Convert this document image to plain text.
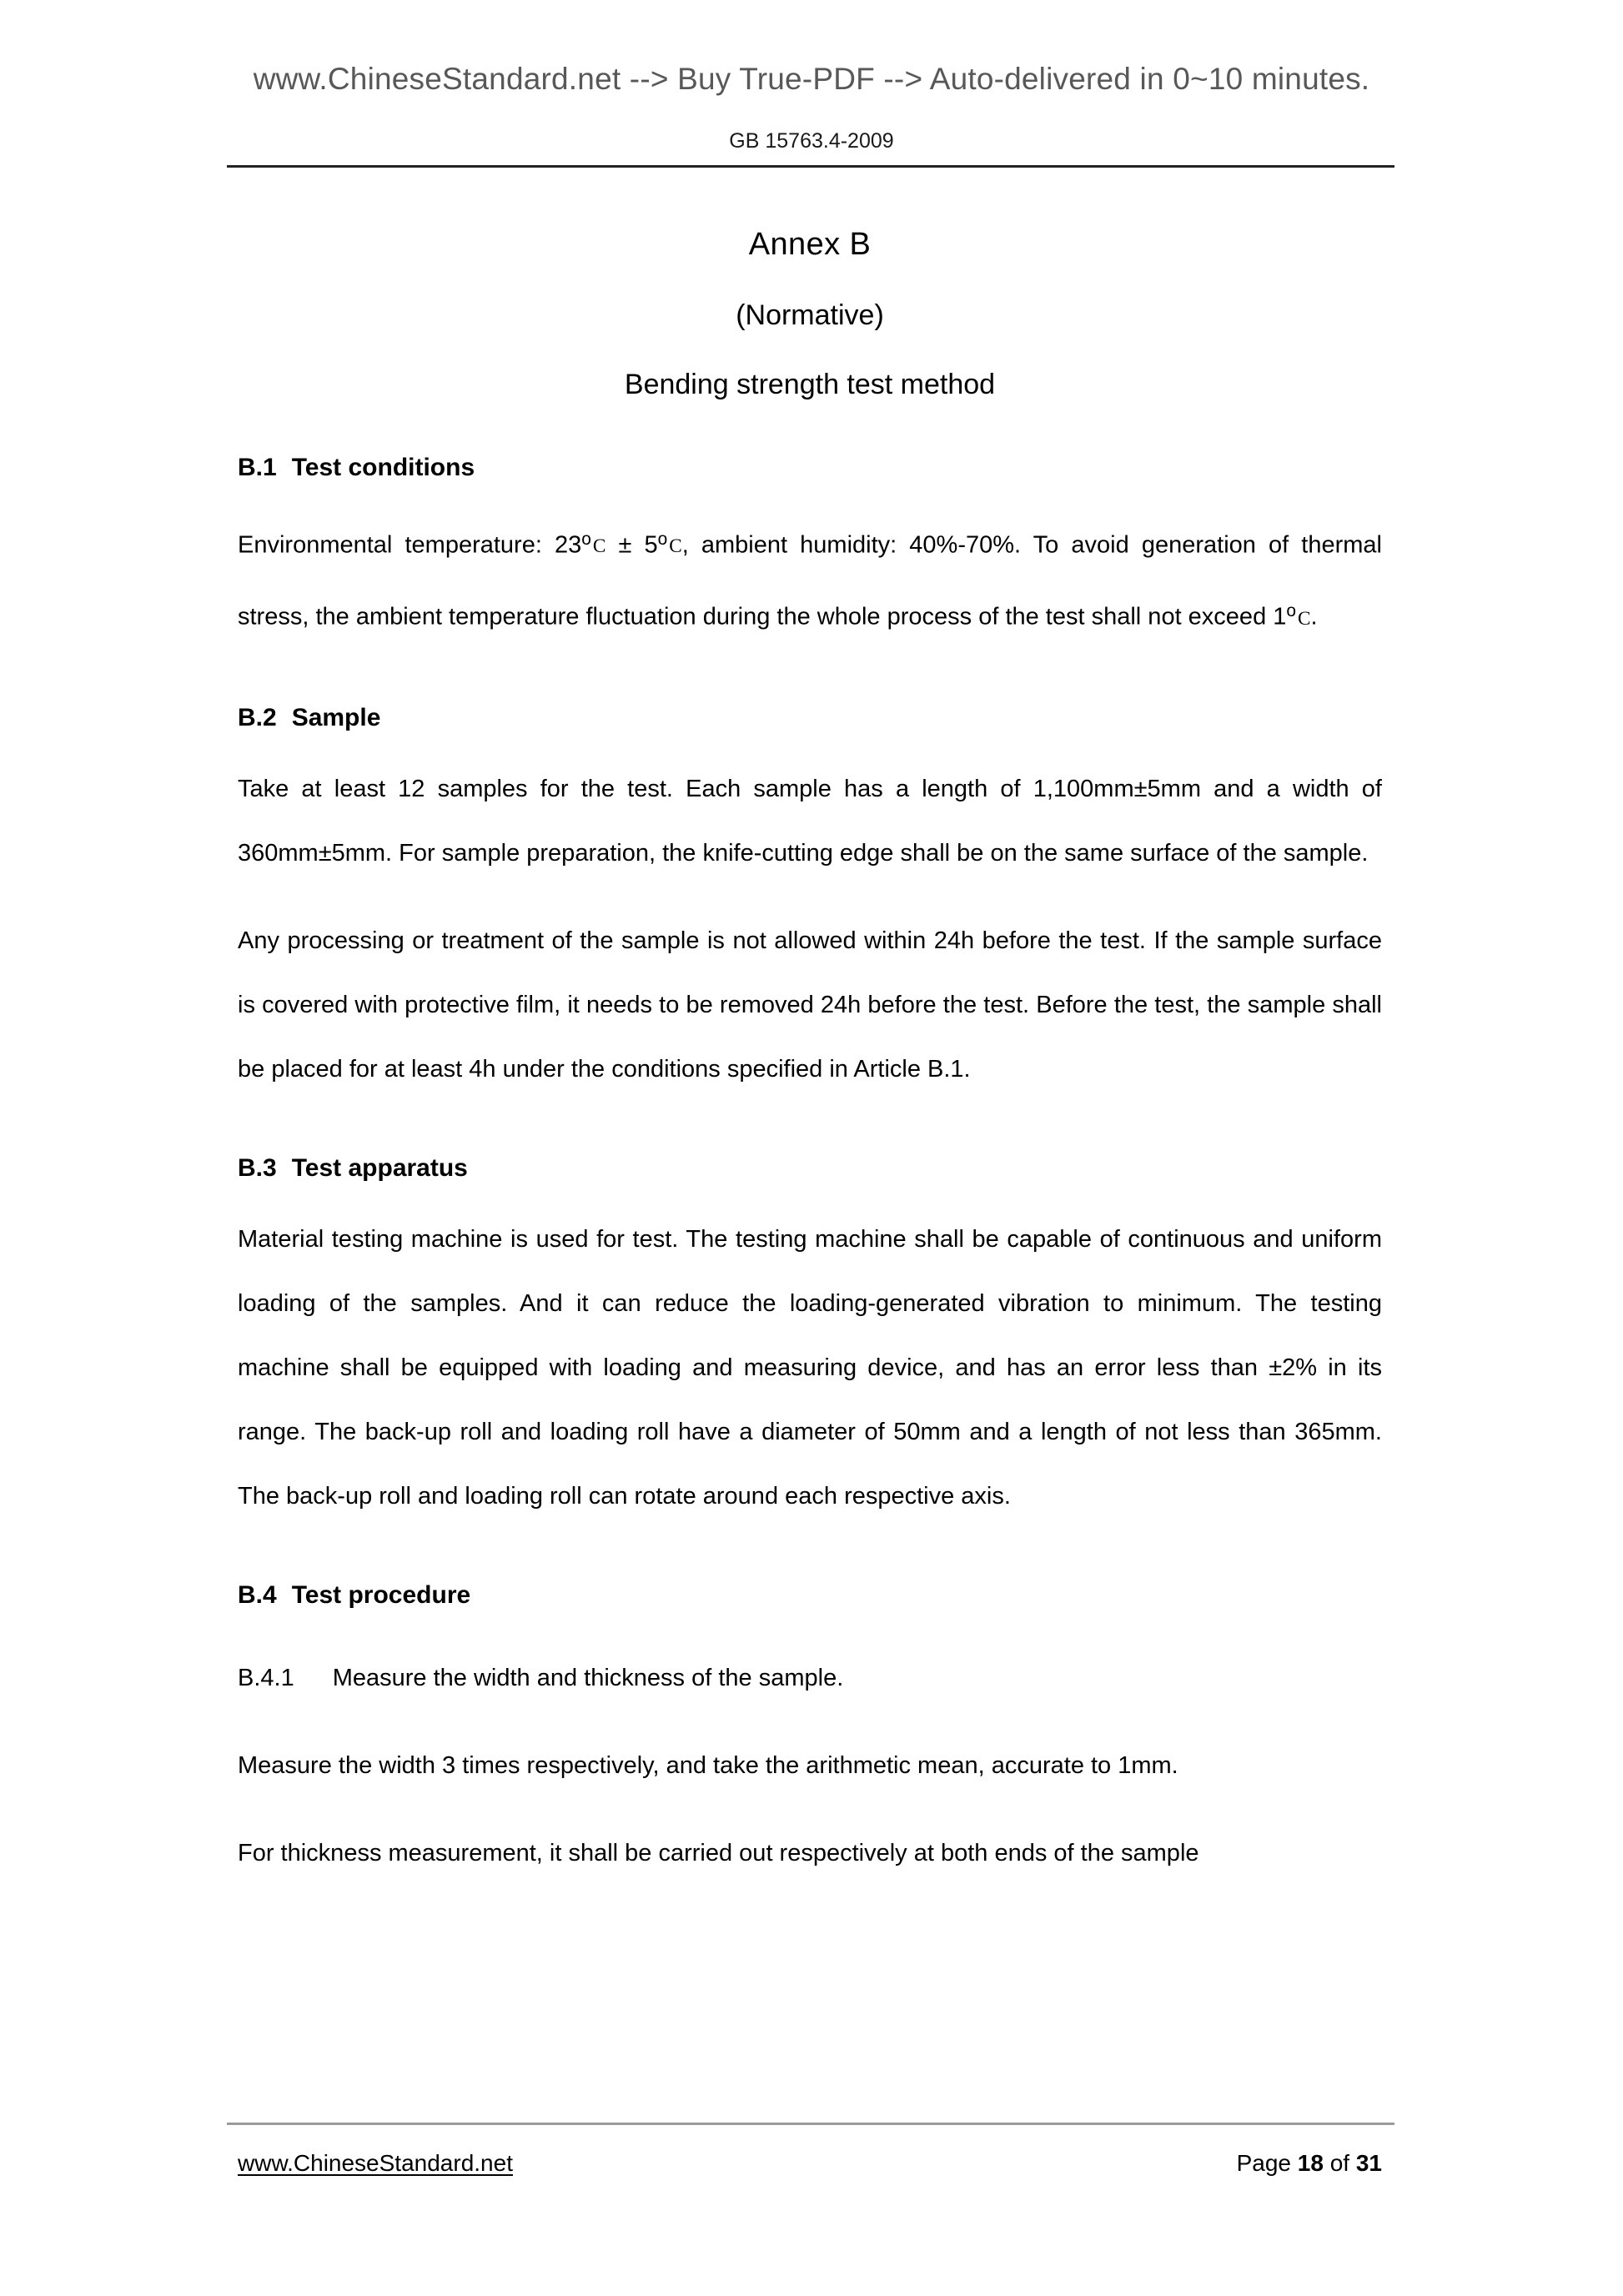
www.ChineseStandard.net --> Buy True-PDF --> Auto-delivered in 0~10 minutes.
GB 15763.4-2009
Annex B
(Normative)
Bending strength test method
B.1 Test conditions

Environmental temperature: $23^oC \pm 5^oC$, ambient humidity: 40%-70%. To avoid generation of thermal stress, the ambient temperature fluctuation during the whole process of the test shall not exceed 1$^o$C.

B.2 Sample

Take at least 12 samples for the test. Each sample has a length of 1,100mm±5mm and a width of 360mm±5mm. For sample preparation, the knife-cutting edge shall be on the same surface of the sample.

Any processing or treatment of the sample is not allowed within 24h before the test. If the sample surface is covered with protective film, it needs to be removed 24h before the test. Before the test, the sample shall be placed for at least 4h under the conditions specified in Article B.1.

B.3 Test apparatus

Material testing machine is used for test. The testing machine shall be capable of continuous and uniform loading of the samples. And it can reduce the loading-generated vibration to minimum. The testing machine shall be equipped with loading and measuring device, and has an error less than ±2% in its range. The back-up roll and loading roll have a diameter of 50mm and a length of not less than 365mm. The back-up roll and loading roll can rotate around each respective axis.

B.4 Test procedure

B.4.1 Measure the width and thickness of the sample.

Measure the width 3 times respectively, and take the arithmetic mean, accurate to 1mm.

For thickness measurement, it shall be carried out respectively at both ends of the sample

www.ChineseStandard.net	Page 18 of 31
